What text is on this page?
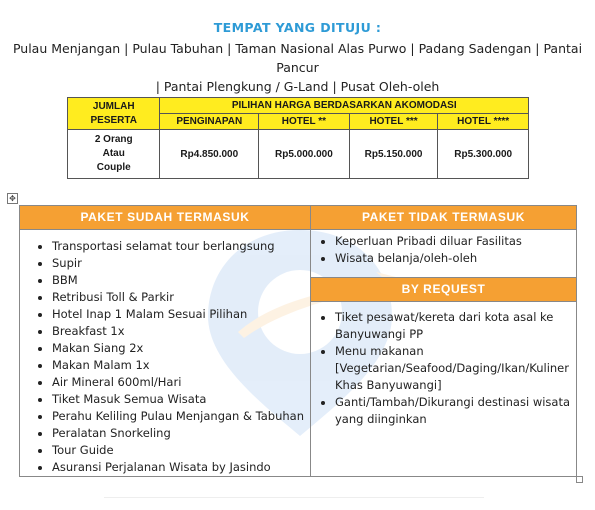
TEMPAT YANG DITUJU :
Pulau Menjangan | Pulau Tabuhan | Taman Nasional Alas Purwo | Padang Sadengan | Pantai Pancur
| Pantai Plengkung / G-Land | Pusat Oleh-oleh
JUMLAH
PESERTA	PILIHAN HARGA BERDASARKAN AKOMODASI			
	PENGINAPAN	HOTEL **	HOTEL ***	HOTEL ****

2 Orang
Atau
Couple	Rp4.850.000	Rp5.000.000	Rp5.150.000	Rp5.300.000
✥
PAKET SUDAH TERMASUK
• Transportasi selamat tour berlangsung
• Supir
• BBM
• Retribusi Toll & Parkir
• Hotel Inap 1 Malam Sesuai Pilihan
• Breakfast 1x
• Makan Siang 2x
• Makan Malam 1x
• Air Mineral 600ml/Hari
• Tiket Masuk Semua Wisata
• Perahu Keliling Pulau Menjangan & Tabuhan
• Peralatan Snorkeling
• Tour Guide
• Asuransi Perjalanan Wisata by Jasindo
PAKET TIDAK TERMASUK
• Keperluan Pribadi diluar Fasilitas
• Wisata belanja/oleh-oleh
BY REQUEST
• Tiket pesawat/kereta dari kota asal ke Banyuwangi PP
• Menu makanan [Vegetarian/Seafood/Daging/Ikan/Kuliner Khas Banyuwangi]
• Ganti/Tambah/Dikurangi destinasi wisata yang diinginkan
